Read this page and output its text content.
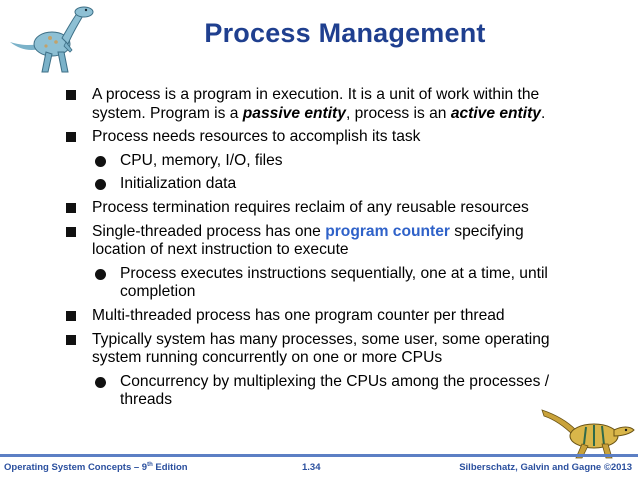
Process Management
A process is a program in execution. It is a unit of work within the system. Program is a passive entity, process is an active entity.
Process needs resources to accomplish its task
CPU, memory, I/O, files
Initialization data
Process termination requires reclaim of any reusable resources
Single-threaded process has one program counter specifying location of next instruction to execute
Process executes instructions sequentially, one at a time, until completion
Multi-threaded process has one program counter per thread
Typically system has many processes, some user, some operating system running concurrently on one or more CPUs
Concurrency by multiplexing the CPUs among the processes / threads
Operating System Concepts – 9th Edition	1.34	Silberschatz, Galvin and Gagne ©2013
